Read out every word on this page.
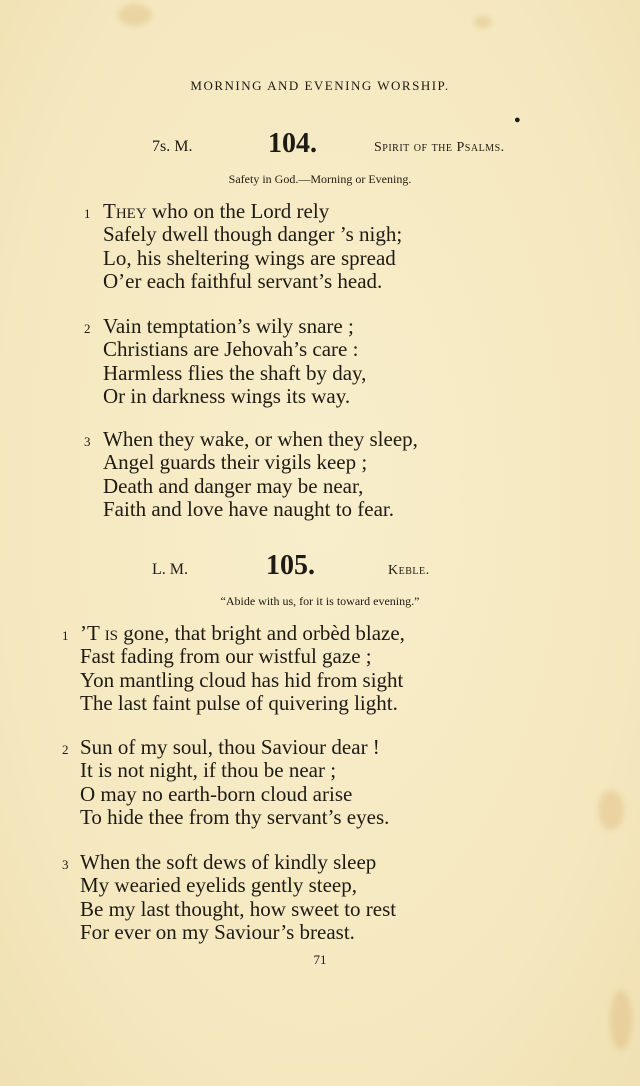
MORNING AND EVENING WORSHIP.
●
7s. M.	104.	Spirit of the Psalms.
Safety in God.—Morning or Evening.
1 They who on the Lord rely
Safely dwell though danger ’s nigh;
Lo, his sheltering wings are spread
O’er each faithful servant’s head.
2 Vain temptation’s wily snare ;
Christians are Jehovah’s care :
Harmless flies the shaft by day,
Or in darkness wings its way.
3 When they wake, or when they sleep,
Angel guards their vigils keep ;
Death and danger may be near,
Faith and love have naught to fear.
L. M.	105.	Keble.
“Abide with us, for it is toward evening.”
1 ’T is gone, that bright and orbèd blaze,
Fast fading from our wistful gaze ;
Yon mantling cloud has hid from sight
The last faint pulse of quivering light.
2 Sun of my soul, thou Saviour dear !
It is not night, if thou be near ;
O may no earth-born cloud arise
To hide thee from thy servant’s eyes.
3 When the soft dews of kindly sleep
My wearied eyelids gently steep,
Be my last thought, how sweet to rest
For ever on my Saviour’s breast.
71
